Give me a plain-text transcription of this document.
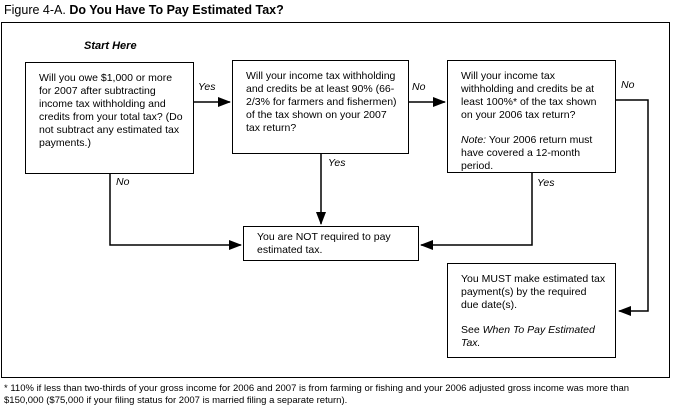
Figure 4-A. Do You Have To Pay Estimated Tax?
Start Here

Will you owe $1,000 or more for 2007 after subtracting income tax withholding and credits from your total tax? (Do not subtract any estimated tax payments.)

Will your income tax withholding and credits be at least 90% (66-2/3% for farmers and fishermen) of the tax shown on your 2007 tax return?

Will your income tax withholding and credits be at least 100%* of the tax shown on your 2006 tax return?

Note: Your 2006 return must have covered a 12-month period.

You are NOT required to pay estimated tax.

You MUST make estimated tax payment(s) by the required due date(s).

See When To Pay Estimated Tax.

Yes	No	No
No
Yes
Yes
* 110% if less than two-thirds of your gross income for 2006 and 2007 is from farming or fishing and your 2006 adjusted gross income was more than $150,000 ($75,000 if your filing status for 2007 is married filing a separate return).
